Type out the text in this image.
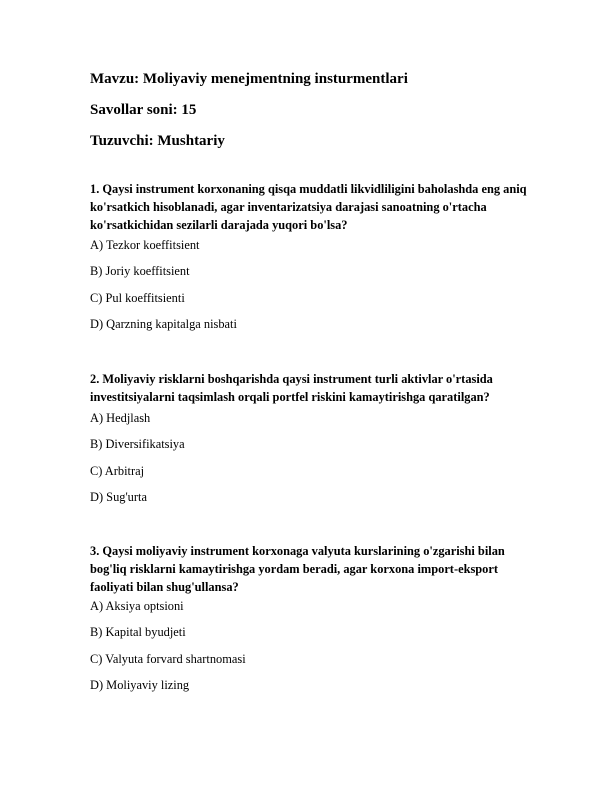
Mavzu: Moliyaviy menejmentning insturmentlari
Savollar soni: 15
Tuzuvchi: Mushtariy
1. Qaysi instrument korxonaning qisqa muddatli likvidliligini baholashda eng aniq ko'rsatkich hisoblanadi, agar inventarizatsiya darajasi sanoatning o'rtacha ko'rsatkichidan sezilarli darajada yuqori bo'lsa?
A) Tezkor koeffitsient
B) Joriy koeffitsient
C) Pul koeffitsienti
D) Qarzning kapitalga nisbati
2. Moliyaviy risklarni boshqarishda qaysi instrument turli aktivlar o'rtasida investitsiyalarni taqsimlash orqali portfel riskini kamaytirishga qaratilgan?
A) Hedjlash
B) Diversifikatsiya
C) Arbitraj
D) Sug'urta
3. Qaysi moliyaviy instrument korxonaga valyuta kurslarining o'zgarishi bilan bog'liq risklarni kamaytirishga yordam beradi, agar korxona import-eksport faoliyati bilan shug'ullansa?
A) Aksiya optsioni
B) Kapital byudjeti
C) Valyuta forvard shartnomasi
D) Moliyaviy lizing
